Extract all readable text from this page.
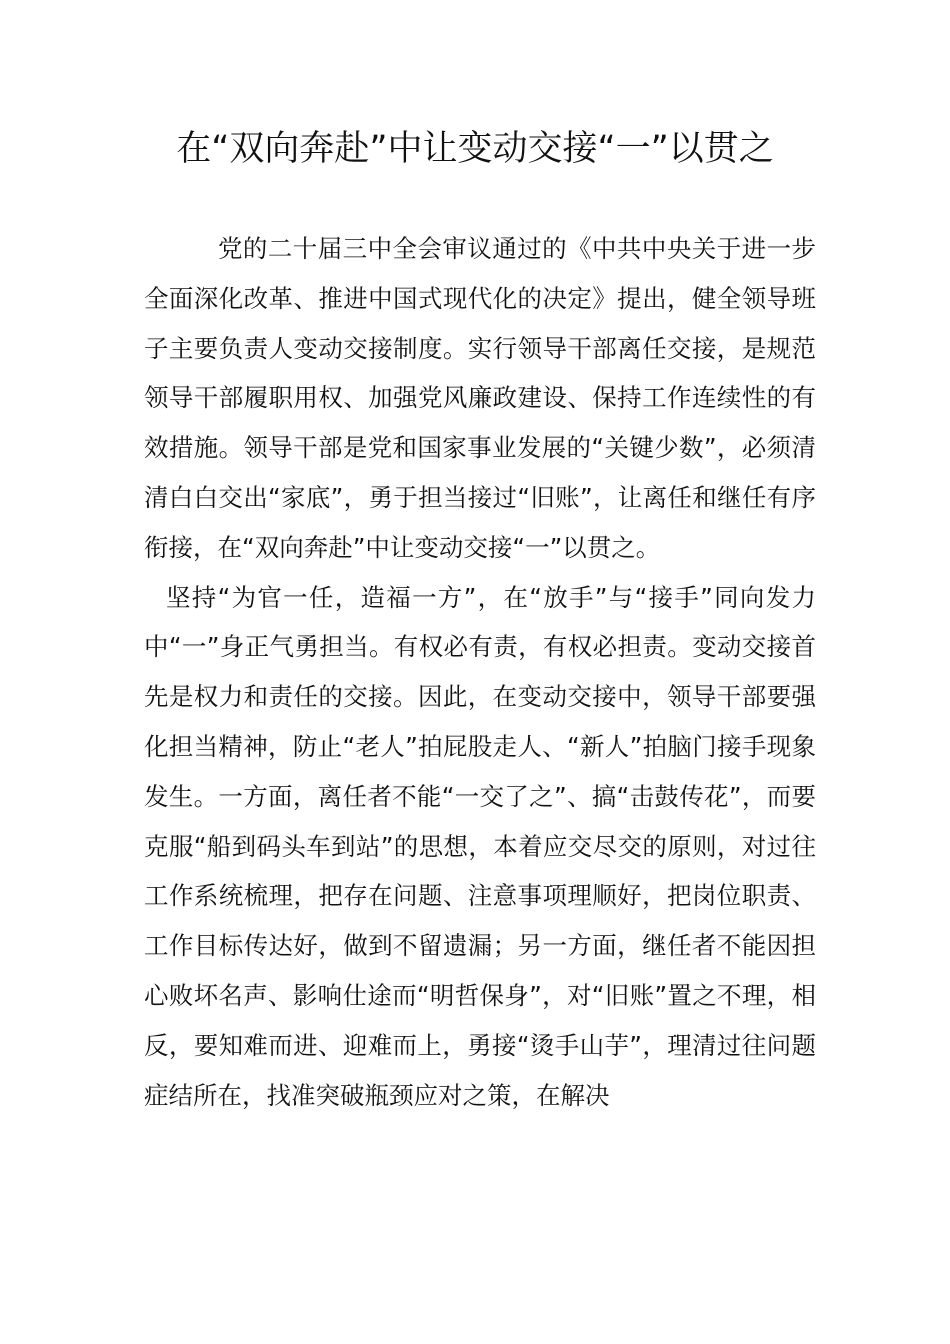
在“双向奔赴”中让变动交接“一”以贯之

党的二十届三中全会审议通过的《中共中央关于进一步全面深化改革、推进中国式现代化的决定》提出，健全领导班子主要负责人变动交接制度。实行领导干部离任交接，是规范领导干部履职用权、加强党风廉政建设、保持工作连续性的有效措施。领导干部是党和国家事业发展的“关键少数”，必须清清白白交出“家底”，勇于担当接过“旧账”，让离任和继任有序衔接，在“双向奔赴”中让变动交接“一”以贯之。

坚持“为官一任，造福一方”，在“放手”与“接手”同向发力中“一”身正气勇担当。有权必有责，有权必担责。变动交接首先是权力和责任的交接。因此，在变动交接中，领导干部要强化担当精神，防止“老人”拍屁股走人、“新人”拍脑门接手现象发生。一方面，离任者不能“一交了之”、搞“击鼓传花”，而要克服“船到码头车到站”的思想，本着应交尽交的原则，对过往工作系统梳理，把存在问题、注意事项理顺好，把岗位职责、工作目标传达好，做到不留遗漏；另一方面，继任者不能因担心败坏名声、影响仕途而“明哲保身”，对“旧账”置之不理，相反，要知难而进、迎难而上，勇接“烫手山芋”，理清过往问题症结所在，找准突破瓶颈应对之策，在解决
